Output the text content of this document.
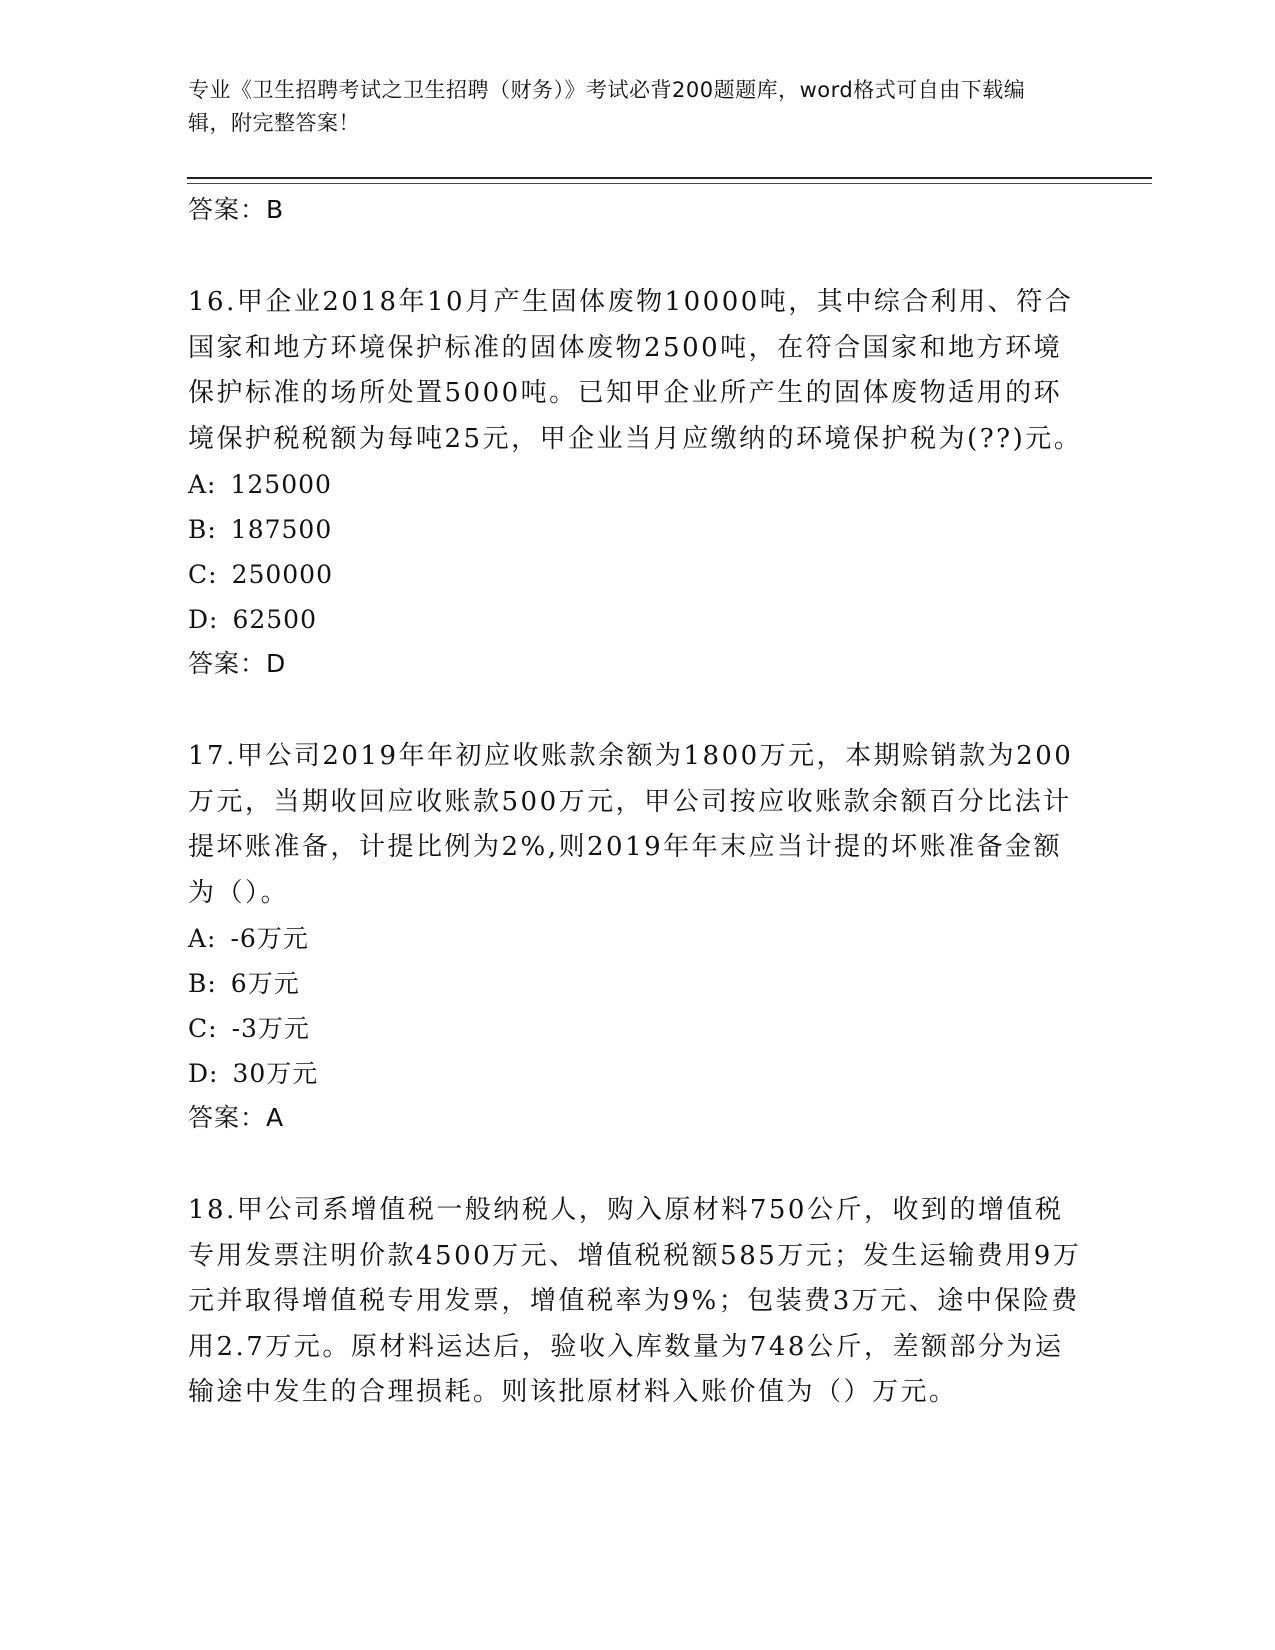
专业《卫生招聘考试之卫生招聘（财务）》考试必背200题题库，word格式可自由下载编辑，附完整答案！
答案：B

16.甲企业2018年10月产生固体废物10000吨，其中综合利用、符合国家和地方环境保护标准的固体废物2500吨，在符合国家和地方环境保护标准的场所处置5000吨。已知甲企业所产生的固体废物适用的环境保护税税额为每吨25元，甲企业当月应缴纳的环境保护税为(??)元。

A: 125000
B: 187500
C: 250000
D: 62500
答案：D

17.甲公司2019年年初应收账款余额为1800万元，本期赊销款为200万元，当期收回应收账款500万元，甲公司按应收账款余额百分比法计提坏账准备，计提比例为2%,则2019年年末应当计提的坏账准备金额为（）。

A: -6万元
B: 6万元
C: -3万元
D: 30万元
答案：A

18.甲公司系增值税一般纳税人，购入原材料750公斤，收到的增值税专用发票注明价款4500万元、增值税税额585万元；发生运输费用9万元并取得增值税专用发票，增值税率为9%；包装费3万元、途中保险费用2.7万元。原材料运达后，验收入库数量为748公斤，差额部分为运输途中发生的合理损耗。则该批原材料入账价值为（）万元。
